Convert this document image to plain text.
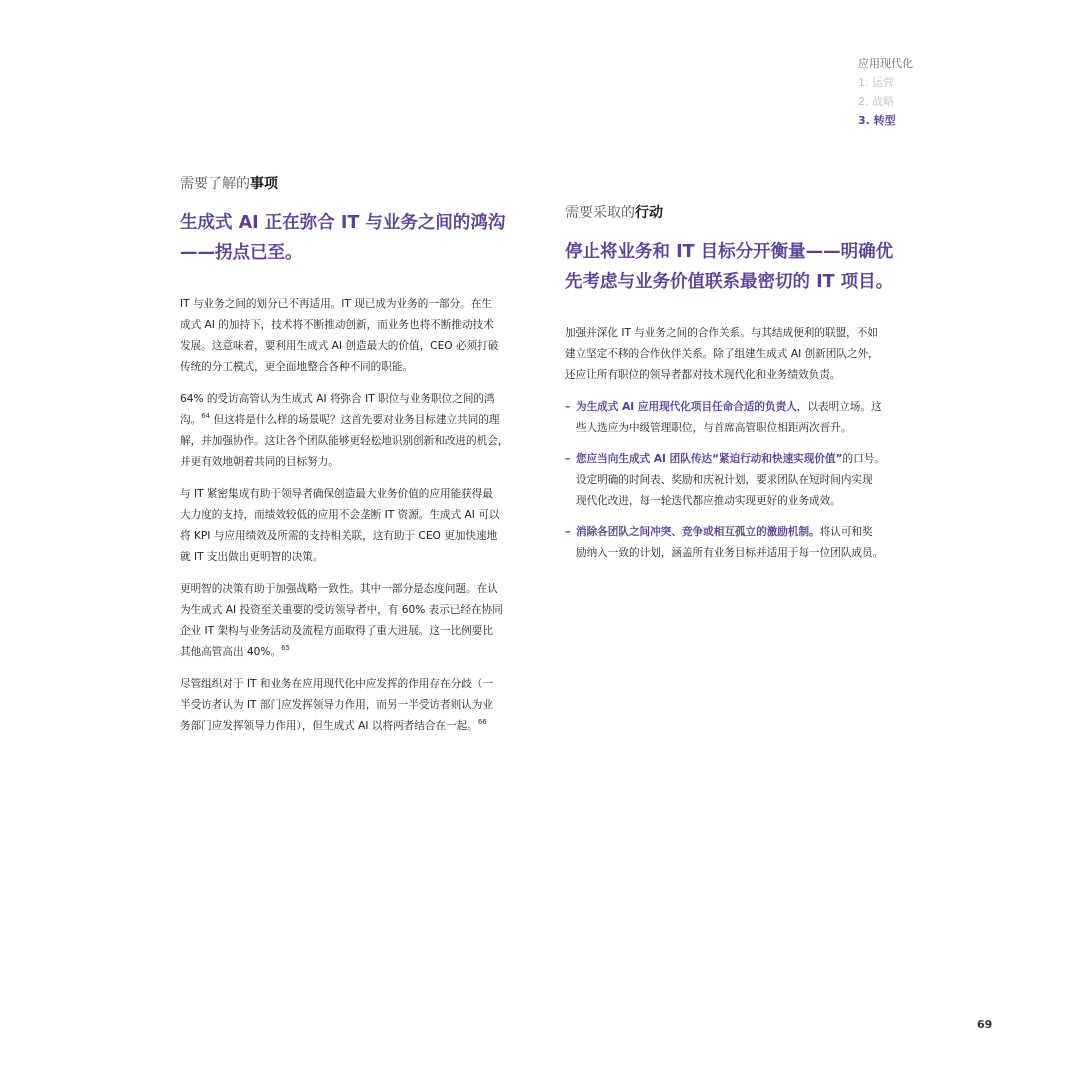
应用现代化
1. 运营
2. 战略
3. 转型
需要了解的事项
生成式 AI 正在弥合 IT 与业务之间的鸿沟
——拐点已至。

IT 与业务之间的划分已不再适用。IT 现已成为业务的一部分。在生
成式 AI 的加持下，技术将不断推动创新，而业务也将不断推动技术
发展。这意味着，要利用生成式 AI 创造最大的价值，CEO 必须打破
传统的分工模式，更全面地整合各种不同的职能。

64% 的受访高管认为生成式 AI 将弥合 IT 职位与业务职位之间的鸿
沟。$^{64}$ 但这将是什么样的场景呢？这首先要对业务目标建立共同的理
解，并加强协作。这让各个团队能够更轻松地识别创新和改进的机会，
并更有效地朝着共同的目标努力。

与 IT 紧密集成有助于领导者确保创造最大业务价值的应用能获得最
大力度的支持，而绩效较低的应用不会垄断 IT 资源。生成式 AI 可以
将 KPI 与应用绩效及所需的支持相关联，这有助于 CEO 更加快速地
就 IT 支出做出更明智的决策。

更明智的决策有助于加强战略一致性。其中一部分是态度问题。在认
为生成式 AI 投资至关重要的受访领导者中，有 60% 表示已经在协同
企业 IT 架构与业务活动及流程方面取得了重大进展。这一比例要比
其他高管高出 40%。$^{65}$

尽管组织对于 IT 和业务在应用现代化中应发挥的作用存在分歧（一
半受访者认为 IT 部门应发挥领导力作用，而另一半受访者则认为业
务部门应发挥领导力作用），但生成式 AI 以将两者结合在一起。$^{66}$

需要采取的行动
停止将业务和 IT 目标分开衡量——明确优
先考虑与业务价值联系最密切的 IT 项目。

加强并深化 IT 与业务之间的合作关系。与其结成便利的联盟，不如
建立坚定不移的合作伙伴关系。除了组建生成式 AI 创新团队之外，
还应让所有职位的领导者都对技术现代化和业务绩效负责。

– 为生成式 AI 应用现代化项目任命合适的负责人，以表明立场。这
些人选应为中级管理职位，与首席高管职位相距两次晋升。
– 您应当向生成式 AI 团队传达“紧迫行动和快速实现价值”的口号。
设定明确的时间表、奖励和庆祝计划，要求团队在短时间内实现
现代化改进，每一轮迭代都应推动实现更好的业务成效。
– 消除各团队之间冲突、竞争或相互孤立的激励机制。将认可和奖
励纳入一致的计划，涵盖所有业务目标并适用于每一位团队成员。
69
